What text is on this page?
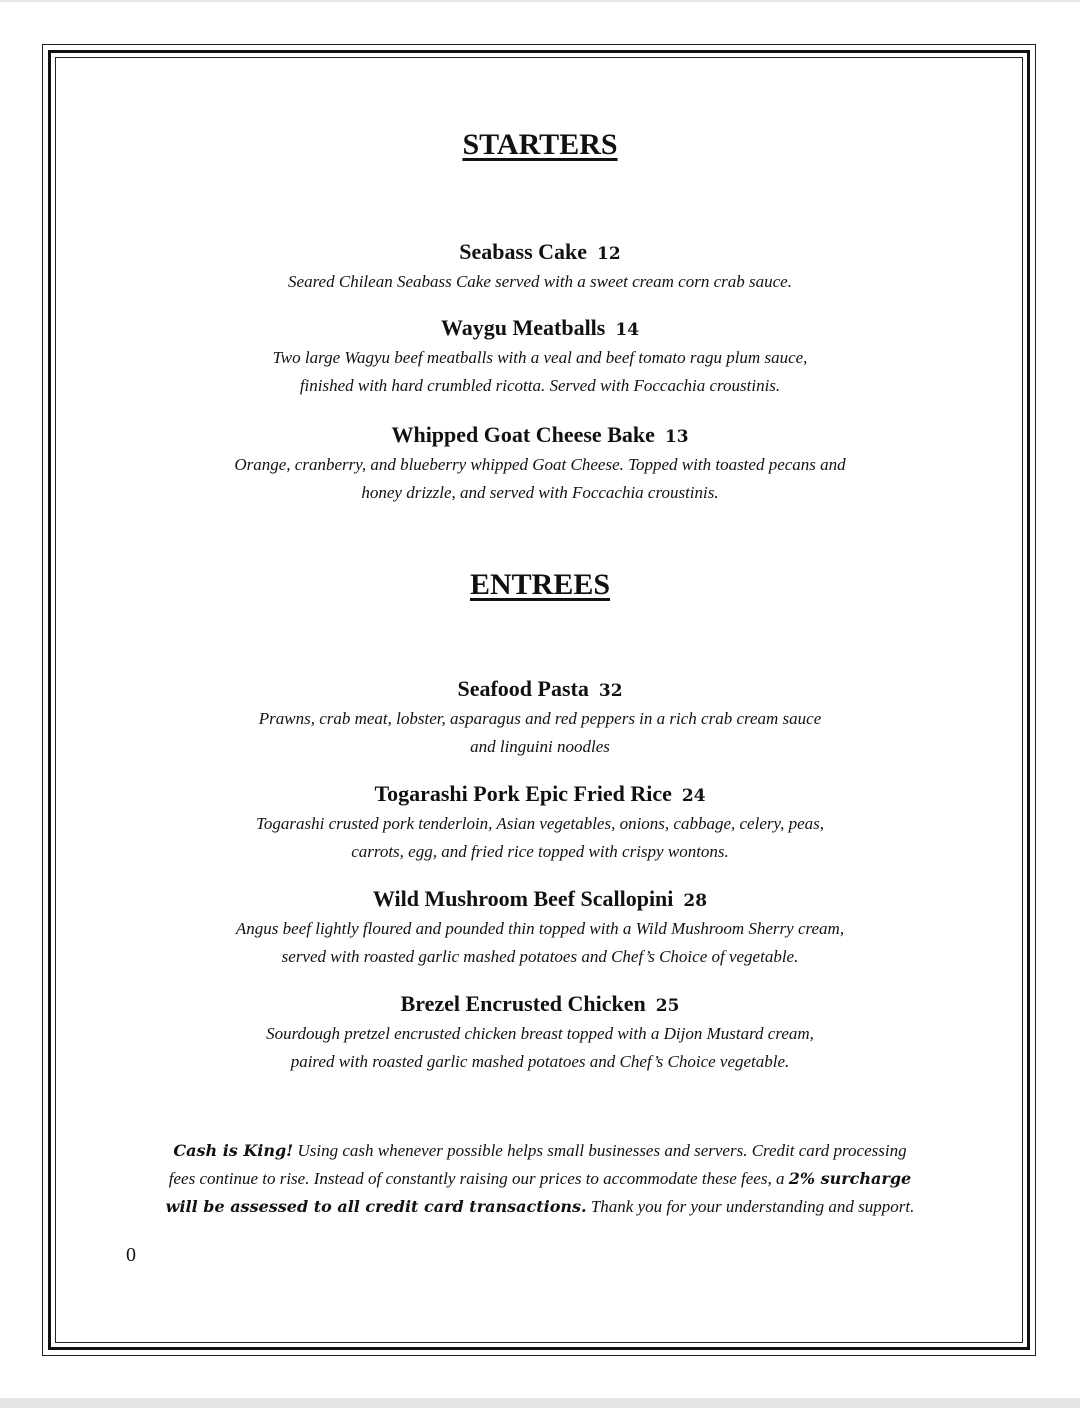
STARTERS
Seabass Cake 12
Seared Chilean Seabass Cake served with a sweet cream corn crab sauce.
Waygu Meatballs 14
Two large Wagyu beef meatballs with a veal and beef tomato ragu plum sauce,
finished with hard crumbled ricotta. Served with Foccachia croustinis.
Whipped Goat Cheese Bake 13
Orange, cranberry, and blueberry whipped Goat Cheese. Topped with toasted pecans and
honey drizzle, and served with Foccachia croustinis.
ENTREES
Seafood Pasta 32
Prawns, crab meat, lobster, asparagus and red peppers in a rich crab cream sauce
and linguini noodles
Togarashi Pork Epic Fried Rice 24
Togarashi crusted pork tenderloin, Asian vegetables, onions, cabbage, celery, peas,
carrots, egg, and fried rice topped with crispy wontons.
Wild Mushroom Beef Scallopini 28
Angus beef lightly floured and pounded thin topped with a Wild Mushroom Sherry cream,
served with roasted garlic mashed potatoes and Chef’s Choice of vegetable.
Brezel Encrusted Chicken 25
Sourdough pretzel encrusted chicken breast topped with a Dijon Mustard cream,
paired with roasted garlic mashed potatoes and Chef’s Choice vegetable.
Cash is King! Using cash whenever possible helps small businesses and servers. Credit card processing
fees continue to rise. Instead of constantly raising our prices to accommodate these fees, a 2% surcharge
will be assessed to all credit card transactions. Thank you for your understanding and support.
0
